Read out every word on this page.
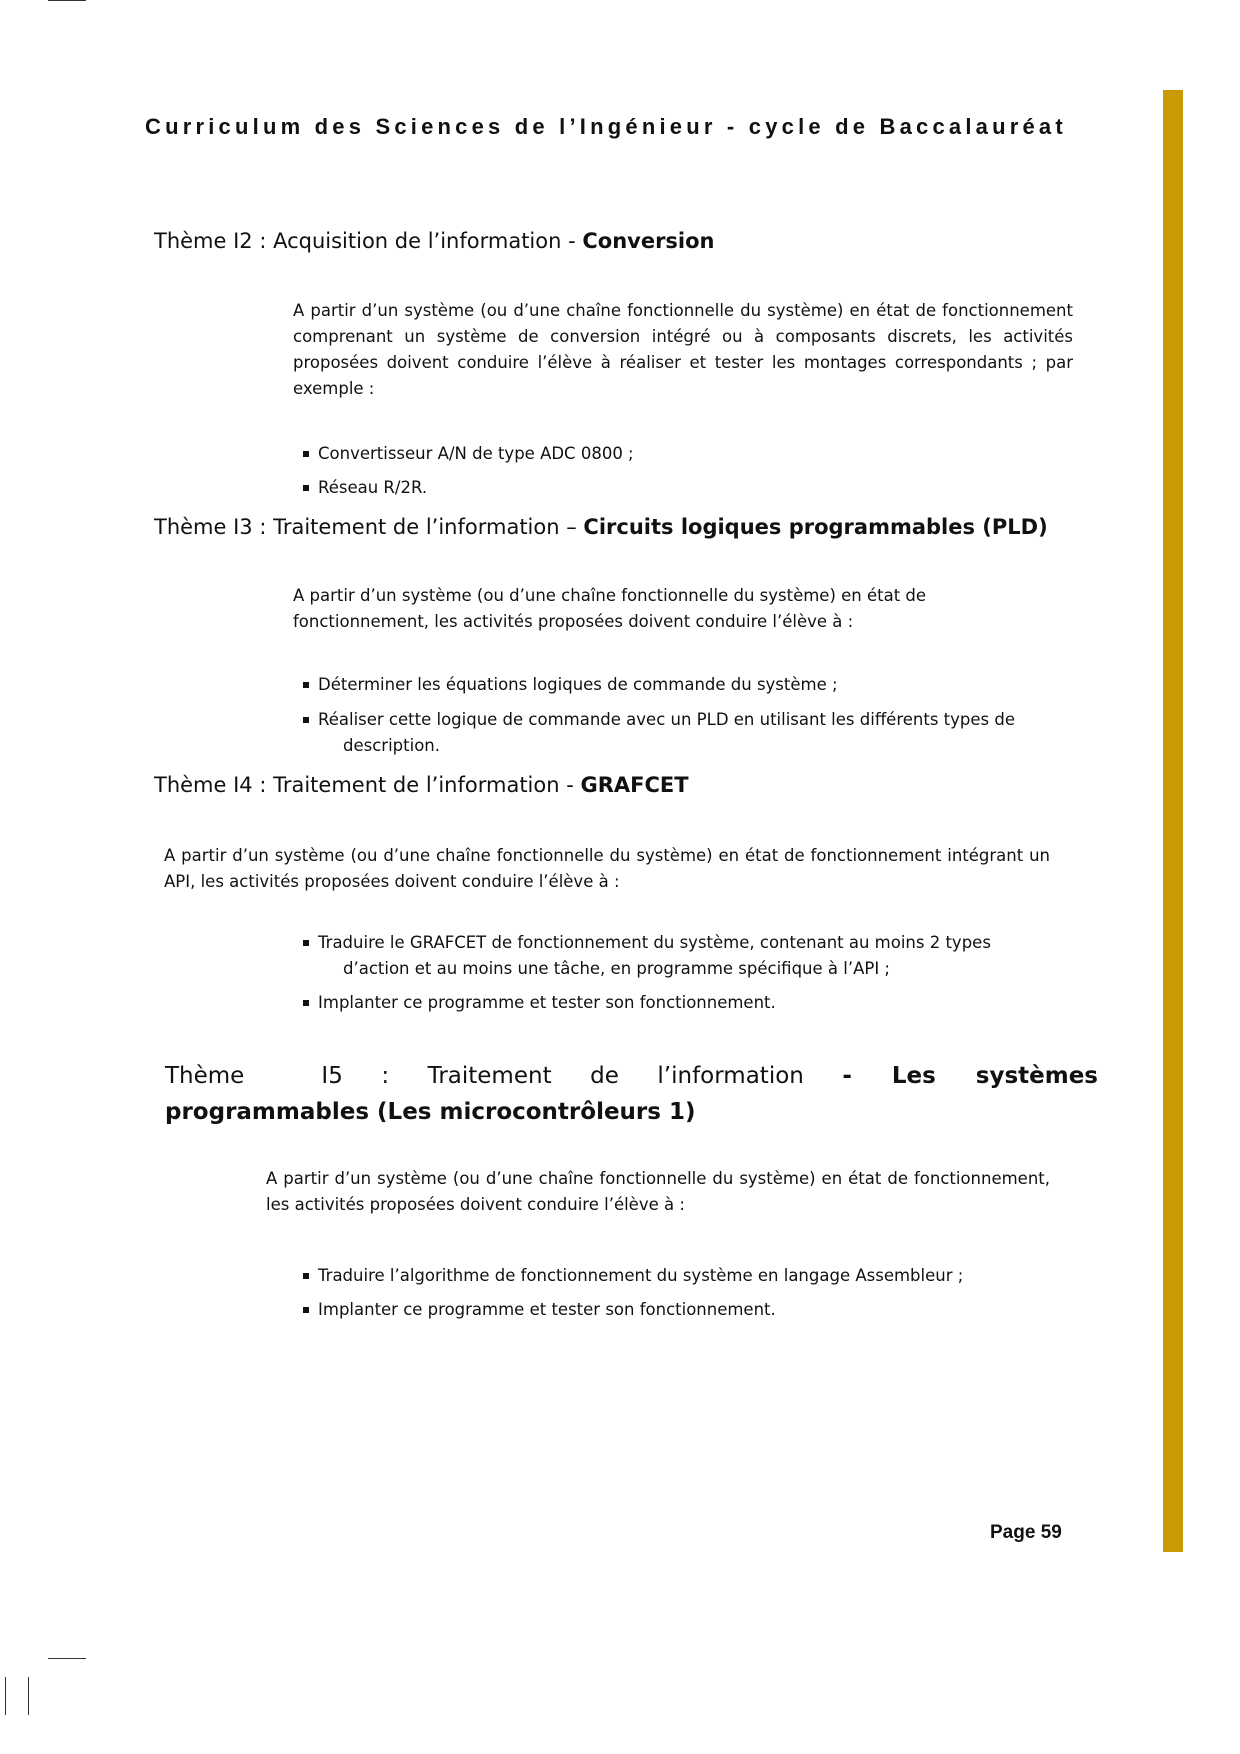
Curriculum des Sciences de l’Ingénieur - cycle de Baccalauréat
Thème I2 : Acquisition de l’information - Conversion
A partir d’un système (ou d’une chaîne fonctionnelle du système) en état de fonctionnement comprenant un système de conversion intégré ou à composants discrets, les activités proposées doivent conduire l’élève à réaliser et tester les montages correspondants ; par exemple :
Convertisseur A/N de type ADC 0800 ;
Réseau R/2R.
Thème I3 : Traitement de l’information – Circuits logiques programmables (PLD)
A partir d’un système (ou d’une chaîne fonctionnelle du système) en état de
fonctionnement, les activités proposées doivent conduire l’élève à :
Déterminer les équations logiques de commande du système ;
Réaliser cette logique de commande avec un PLD en utilisant les différents types de
description.
Thème I4 : Traitement de l’information - GRAFCET
A partir d’un système (ou d’une chaîne fonctionnelle du système) en état de fonctionnement intégrant un API, les activités proposées doivent conduire l’élève à :
Traduire le GRAFCET de fonctionnement du système, contenant au moins 2 types
d’action et au moins une tâche, en programme spécifique à l’API ;
Implanter ce programme et tester son fonctionnement.
Thème    I5  :  Traitement  de  l’information  -  Les  systèmes  programmables (Les microcontrôleurs 1)
A partir d’un système (ou d’une chaîne fonctionnelle du système) en état de fonctionnement, les activités proposées doivent conduire l’élève à :
Traduire l’algorithme de fonctionnement du système en langage Assembleur ;
Implanter ce programme et tester son fonctionnement.
Page 59
